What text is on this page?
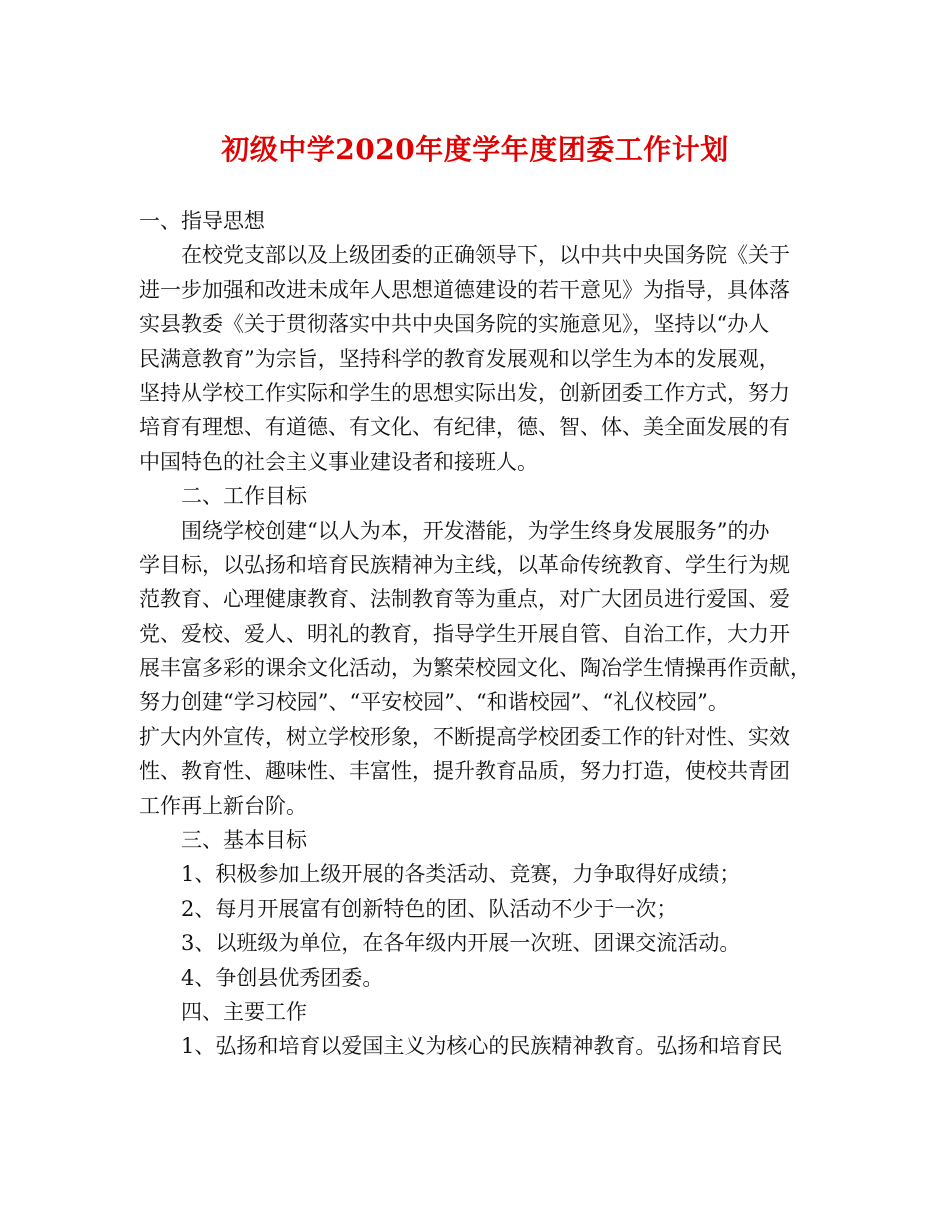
初级中学2020年度学年度团委工作计划
一、指导思想
在校党支部以及上级团委的正确领导下，以中共中央国务院《关于
进一步加强和改进未成年人思想道德建设的若干意见》为指导，具体落
实县教委《关于贯彻落实中共中央国务院的实施意见》，坚持以“办人
民满意教育”为宗旨，坚持科学的教育发展观和以学生为本的发展观，
坚持从学校工作实际和学生的思想实际出发，创新团委工作方式，努力
培育有理想、有道德、有文化、有纪律，德、智、体、美全面发展的有
中国特色的社会主义事业建设者和接班人。
二、工作目标
围绕学校创建“以人为本，开发潜能，为学生终身发展服务”的办
学目标，以弘扬和培育民族精神为主线，以革命传统教育、学生行为规
范教育、心理健康教育、法制教育等为重点，对广大团员进行爱国、爱
党、爱校、爱人、明礼的教育，指导学生开展自管、自治工作，大力开
展丰富多彩的课余文化活动，为繁荣校园文化、陶冶学生情操再作贡献，
努力创建“学习校园”、“平安校园”、“和谐校园”、“礼仪校园”。
扩大内外宣传，树立学校形象，不断提高学校团委工作的针对性、实效
性、教育性、趣味性、丰富性，提升教育品质，努力打造，使校共青团
工作再上新台阶。
三、基本目标
1、积极参加上级开展的各类活动、竞赛，力争取得好成绩；
2、每月开展富有创新特色的团、队活动不少于一次；
3、以班级为单位，在各年级内开展一次班、团课交流活动。
4、争创县优秀团委。
四、主要工作
1、弘扬和培育以爱国主义为核心的民族精神教育。弘扬和培育民
